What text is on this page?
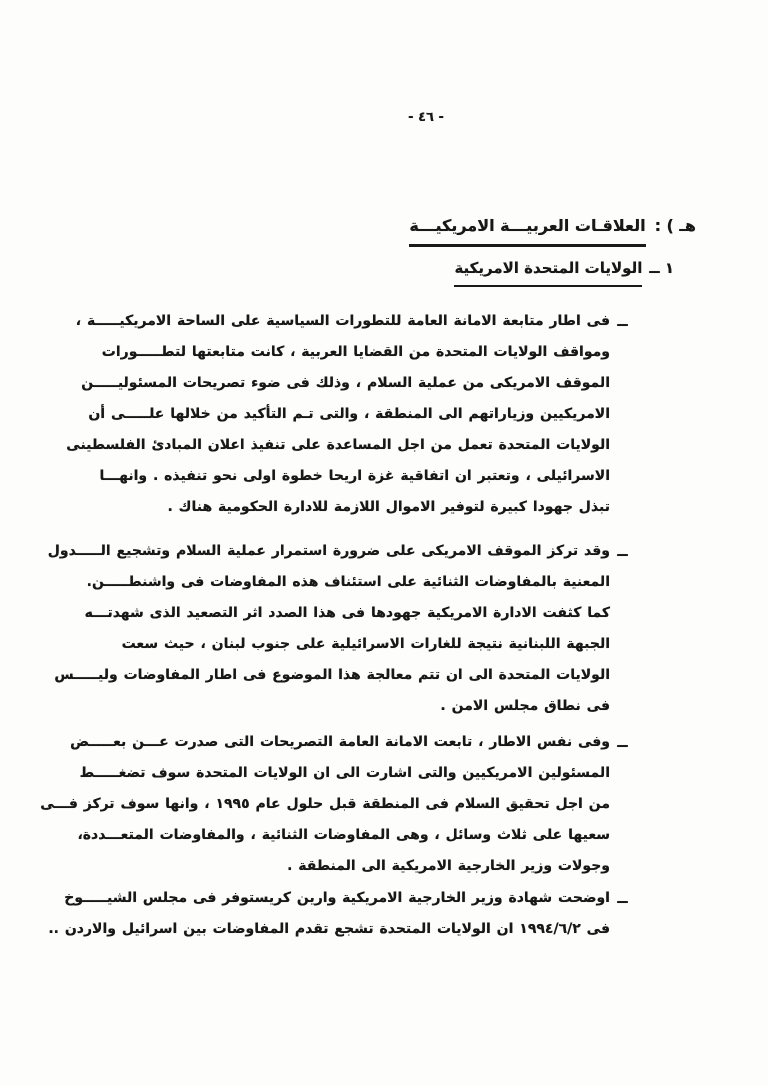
- ٤٦ -
هـ ) :
العلاقـات العربيـــة الامريكيـــة
١ ــ
الولايات المتحدة الامريكية
ــ
فى اطار متابعة الامانة العامة للتطورات السياسية على الساحة الامريكيـــــة ،
ومواقف الولايات المتحدة من القضايا العربية ، كانت متابعتها لتطـــــورات
الموقف الامريكى من عملية السلام ، وذلك فى ضوء تصريحات المسئوليـــــن
الامريكيين وزياراتهم الى المنطقة ، والتى تـم التأكيد من خلالها علـــــى أن
الولايات المتحدة تعمل من اجل المساعدة على تنفيذ اعلان المبادئ الفلسطينى
الاسرائيلى ، وتعتبر ان اتفاقية غزة اريحا خطوة اولى نحو تنفيذه . وانهـــا
تبذل جهودا كبيرة لتوفير الاموال اللازمة للادارة الحكومية هناك .
ــ
وقد تركز الموقف الامريكى على ضرورة استمرار عملية السلام وتشجيع الـــــدول
المعنية بالمفاوضات الثنائية على استئناف هذه المفاوضات فى واشنطـــــن.
كما كثفت الادارة الامريكية جهودها فى هذا الصدد اثر التصعيد الذى شهدتـــه
الجبهة اللبنانية نتيجة للغارات الاسرائيلية على جنوب لبنان ، حيث سعت
الولايات المتحدة الى ان تتم معالجة هذا الموضوع فى اطار المفاوضات وليـــــس
فى نطاق مجلس الامن .
ــ
وفى نفس الاطار ، تابعت الامانة العامة التصريحات التى صدرت عـــن بعـــــض
المسئولين الامريكيين والتى اشارت الى ان الولايات المتحدة سوف تضغـــــط
من اجل تحقيق السلام فى المنطقة قبل حلول عام ١٩٩٥ ، وانها سوف تركز فـــى
سعيها على ثلاث وسائل ، وهى المفاوضات الثنائية ، والمفاوضات المتعـــددة،
وجولات وزير الخارجية الامريكية الى المنطقة .
ــ
اوضحت شهادة وزير الخارجية الامريكية وارين كريستوفر فى مجلس الشيـــــوخ
فى ١٩٩٤/٦/٢ ان الولايات المتحدة تشجع تقدم المفاوضات بين اسرائيل والاردن ..
